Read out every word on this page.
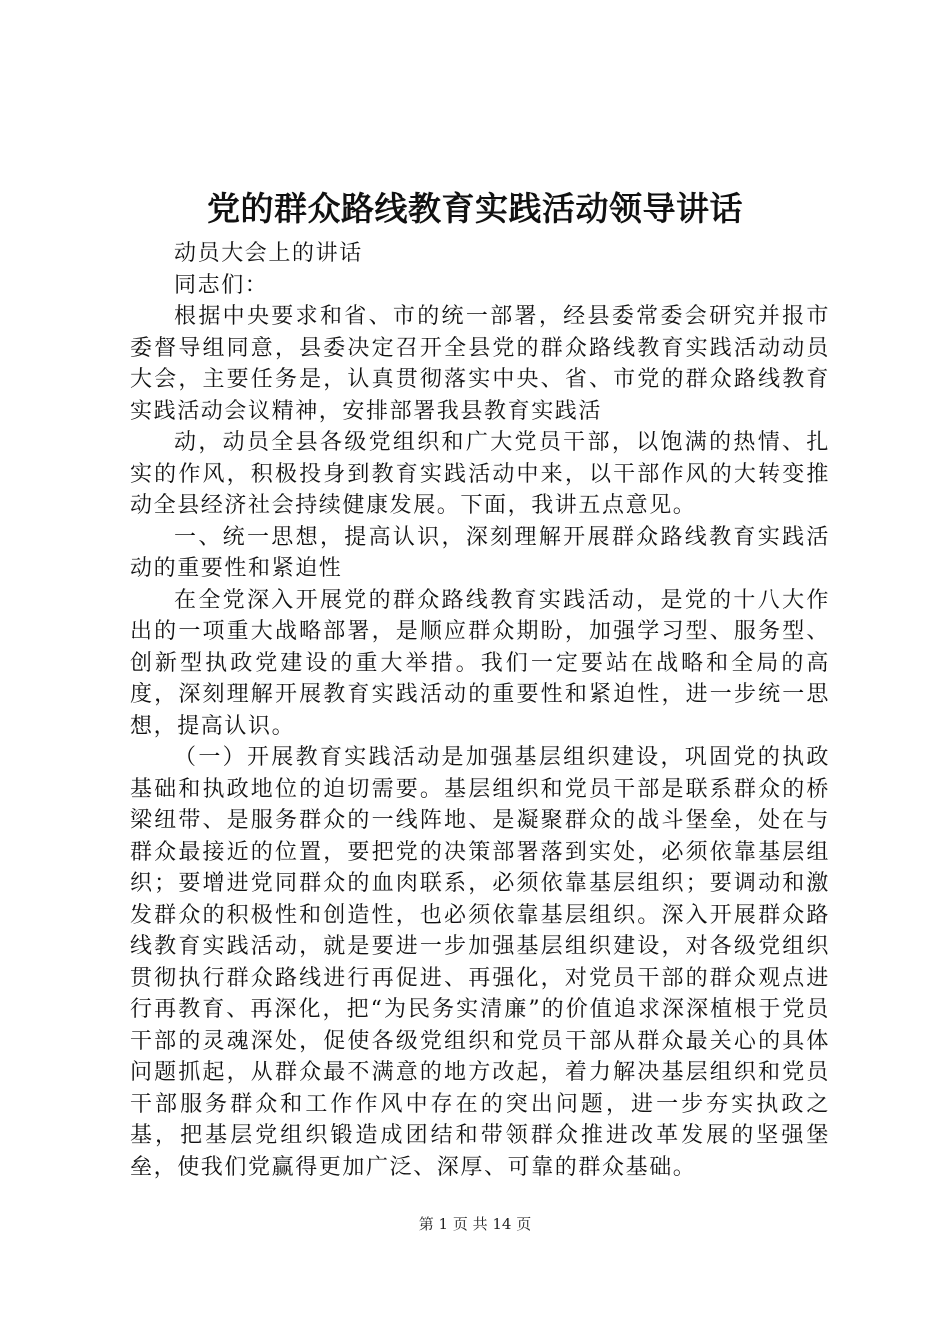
党的群众路线教育实践活动领导讲话

动员大会上的讲话

同志们：

根据中央要求和省、市的统一部署，经县委常委会研究并报市委督导组同意，县委决定召开全县党的群众路线教育实践活动动员大会，主要任务是，认真贯彻落实中央、省、市党的群众路线教育实践活动会议精神，安排部署我县教育实践活

动，动员全县各级党组织和广大党员干部，以饱满的热情、扎实的作风，积极投身到教育实践活动中来，以干部作风的大转变推动全县经济社会持续健康发展。下面，我讲五点意见。

一、统一思想，提高认识，深刻理解开展群众路线教育实践活动的重要性和紧迫性

在全党深入开展党的群众路线教育实践活动，是党的十八大作出的一项重大战略部署，是顺应群众期盼，加强学习型、服务型、创新型执政党建设的重大举措。我们一定要站在战略和全局的高度，深刻理解开展教育实践活动的重要性和紧迫性，进一步统一思想，提高认识。

（一）开展教育实践活动是加强基层组织建设，巩固党的执政基础和执政地位的迫切需要。基层组织和党员干部是联系群众的桥梁纽带、是服务群众的一线阵地、是凝聚群众的战斗堡垒，处在与群众最接近的位置，要把党的决策部署落到实处，必须依靠基层组织；要增进党同群众的血肉联系，必须依靠基层组织；要调动和激发群众的积极性和创造性，也必须依靠基层组织。深入开展群众路线教育实践活动，就是要进一步加强基层组织建设，对各级党组织贯彻执行群众路线进行再促进、再强化，对党员干部的群众观点进行再教育、再深化，把“为民务实清廉”的价值追求深深植根于党员干部的灵魂深处，促使各级党组织和党员干部从群众最关心的具体问题抓起，从群众最不满意的地方改起，着力解决基层组织和党员干部服务群众和工作作风中存在的突出问题，进一步夯实执政之基，把基层党组织锻造成团结和带领群众推进改革发展的坚强堡垒，使我们党赢得更加广泛、深厚、可靠的群众基础。

第 1 页 共 14 页
